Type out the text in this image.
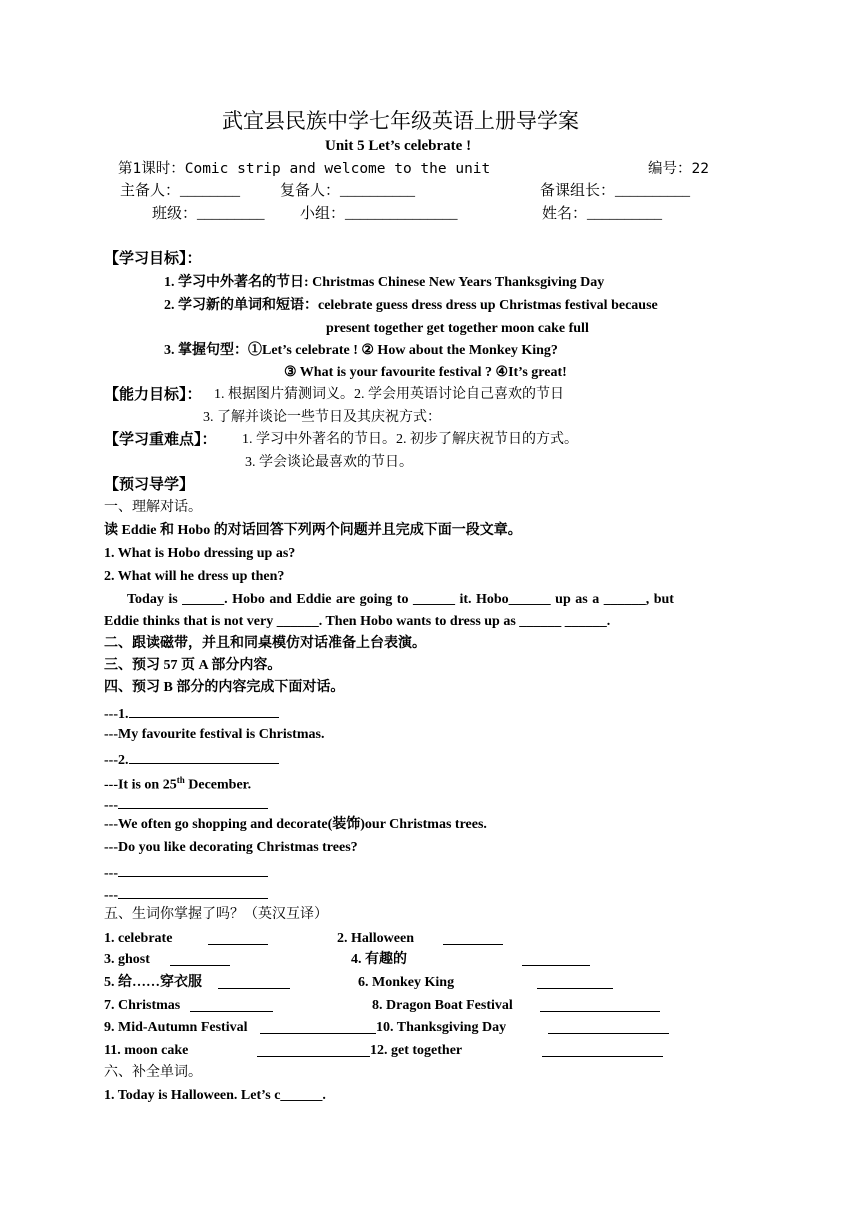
武宜县民族中学七年级英语上册导学案
Unit 5 Let’s celebrate !
第1课时：Comic strip and welcome to the unit	编号：22
主备人：________	复备人：__________	备课组长：__________
班级：_________ 小组：_______________	姓名：__________
【学习目标】：
1. 学习中外著名的节日: Christmas Chinese New Years Thanksgiving Day
2. 学习新的单词和短语：celebrate guess dress dress up Christmas festival because
present together get together moon cake full
3. 掌握句型：①Let’s celebrate ! ② How about the Monkey King?
③ What is your favourite festival ? ④It’s great!
【能力目标】： 1. 根据图片猜测词义。2. 学会用英语讨论自己喜欢的节日
3. 了解并谈论一些节日及其庆祝方式：
【学习重难点】： 1. 学习中外著名的节日。2. 初步了解庆祝节日的方式。
3. 学会谈论最喜欢的节日。
【预习导学】
一、理解对话。
读 Eddie 和 Hobo 的对话回答下列两个问题并且完成下面一段文章。
1. What is Hobo dressing up as?
2. What will he dress up then?
Today is ______. Hobo and Eddie are going to ______ it. Hobo______ up as a ______, but
Eddie thinks that is not very ______. Then Hobo wants to dress up as ______ ______.
二、跟读磁带，并且和同桌模仿对话准备上台表演。
三、预习 57 页 A 部分内容。
四、预习 B 部分的内容完成下面对话。
---1.
---My favourite festival is Christmas.
---2.
---It is on 25th December.
---
---We often go shopping and decorate(装饰)our Christmas trees.
---Do you like decorating Christmas trees?
---
---
五、生词你掌握了吗？（英汉互译）
1. celebrate	2. Halloween
3. ghost	4. 有趣的
5. 给……穿衣服	6. Monkey King
7. Christmas	8. Dragon Boat Festival
9. Mid-Autumn Festival	10. Thanksgiving Day
11. moon cake	12. get together
六、补全单词。
1. Today is Halloween. Let’s c______.
